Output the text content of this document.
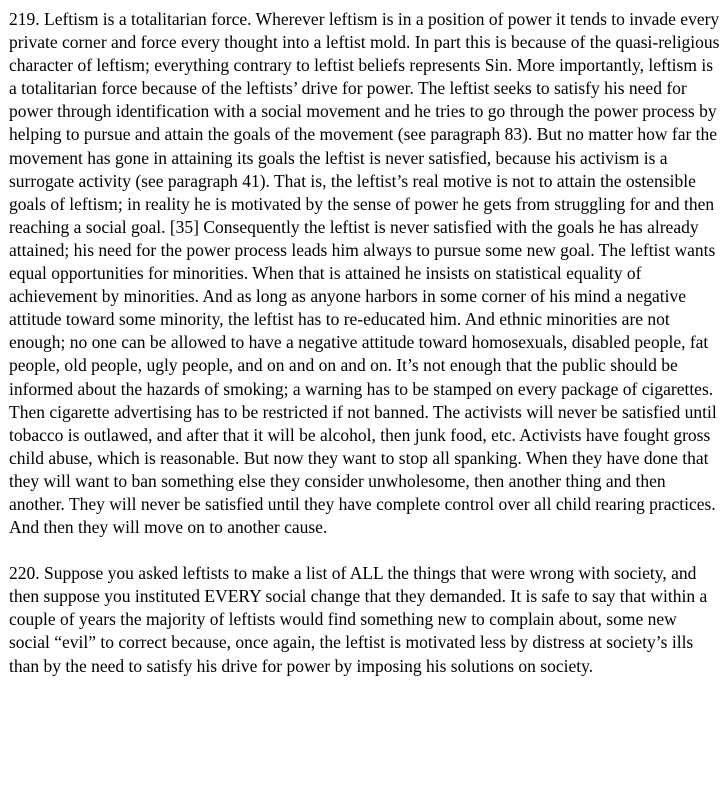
219. Leftism is a totalitarian force. Wherever leftism is in a position of power it tends to invade every private corner and force every thought into a leftist mold. In part this is because of the quasi-religious character of leftism; everything contrary to leftist beliefs represents Sin. More importantly, leftism is a totalitarian force because of the leftists’ drive for power. The leftist seeks to satisfy his need for power through identification with a social movement and he tries to go through the power process by helping to pursue and attain the goals of the movement (see paragraph 83). But no matter how far the movement has gone in attaining its goals the leftist is never satisfied, because his activism is a surrogate activity (see paragraph 41). That is, the leftist’s real motive is not to attain the ostensible goals of leftism; in reality he is motivated by the sense of power he gets from struggling for and then reaching a social goal. [35] Consequently the leftist is never satisfied with the goals he has already attained; his need for the power process leads him always to pursue some new goal. The leftist wants equal opportunities for minorities. When that is attained he insists on statistical equality of achievement by minorities. And as long as anyone harbors in some corner of his mind a negative attitude toward some minority, the leftist has to re-educated him. And ethnic minorities are not enough; no one can be allowed to have a negative attitude toward homosexuals, disabled people, fat people, old people, ugly people, and on and on and on. It’s not enough that the public should be informed about the hazards of smoking; a warning has to be stamped on every package of cigarettes. Then cigarette advertising has to be restricted if not banned. The activists will never be satisfied until tobacco is outlawed, and after that it will be alcohol, then junk food, etc. Activists have fought gross child abuse, which is reasonable. But now they want to stop all spanking. When they have done that they will want to ban something else they consider unwholesome, then another thing and then another. They will never be satisfied until they have complete control over all child rearing practices. And then they will move on to another cause.

220. Suppose you asked leftists to make a list of ALL the things that were wrong with society, and then suppose you instituted EVERY social change that they demanded. It is safe to say that within a couple of years the majority of leftists would find something new to complain about, some new social “evil” to correct because, once again, the leftist is motivated less by distress at society’s ills than by the need to satisfy his drive for power by imposing his solutions on society.
